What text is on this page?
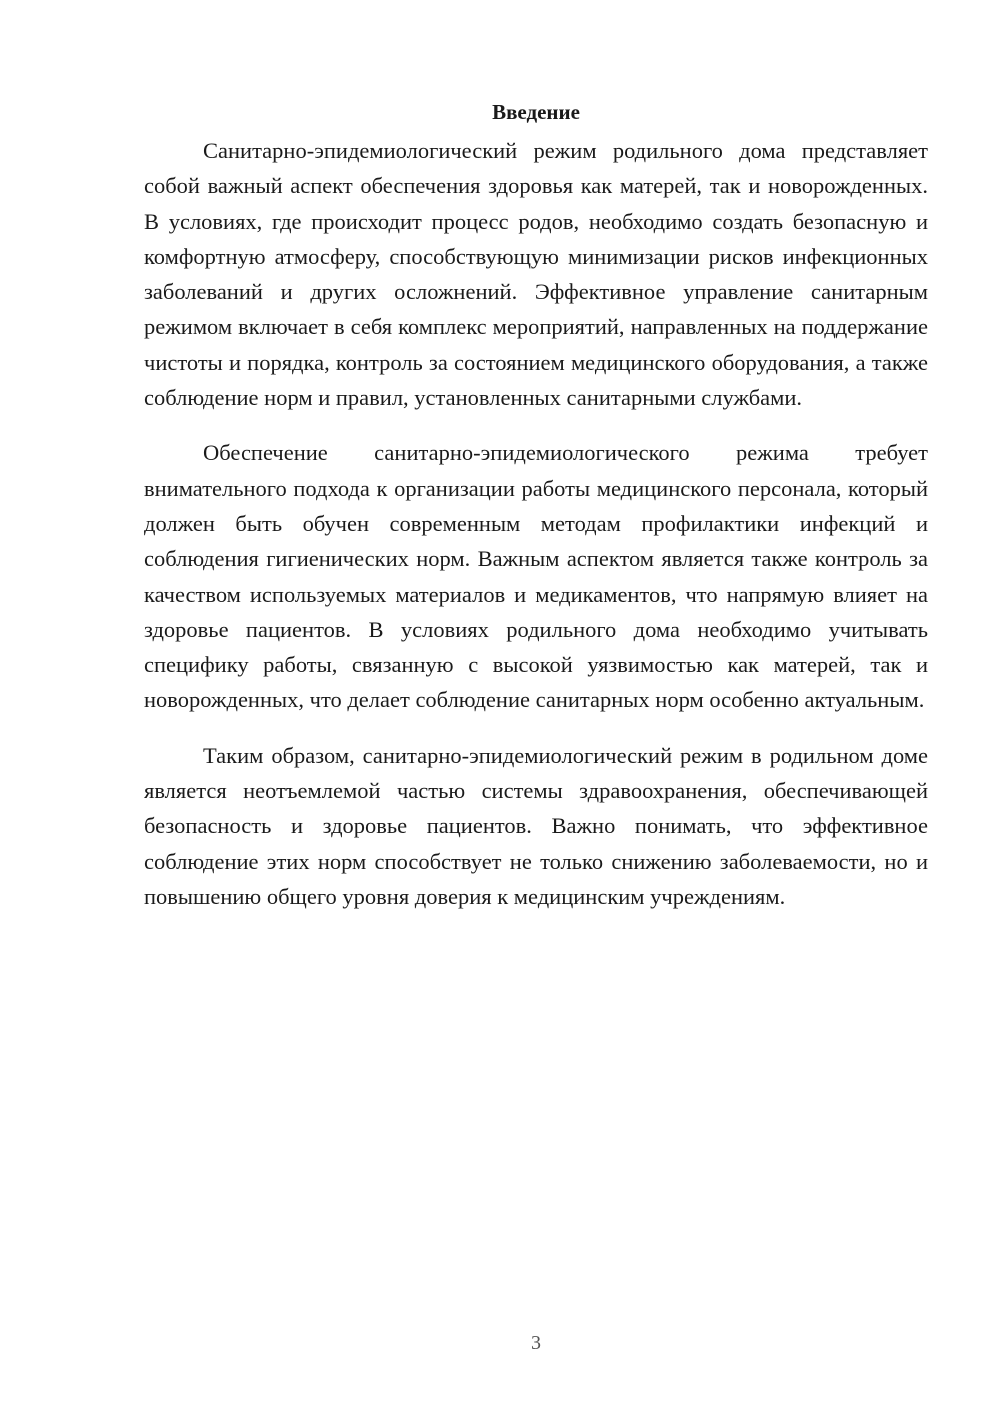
Введение

Санитарно-эпидемиологический режим родильного дома представляет собой важный аспект обеспечения здоровья как матерей, так и новорожденных. В условиях, где происходит процесс родов, необходимо создать безопасную и комфортную атмосферу, способствующую минимизации рисков инфекционных заболеваний и других осложнений. Эффективное управление санитарным режимом включает в себя комплекс мероприятий, направленных на поддержание чистоты и порядка, контроль за состоянием медицинского оборудования, а также соблюдение норм и правил, установленных санитарными службами.

Обеспечение санитарно-эпидемиологического режима требует внимательного подхода к организации работы медицинского персонала, который должен быть обучен современным методам профилактики инфекций и соблюдения гигиенических норм. Важным аспектом является также контроль за качеством используемых материалов и медикаментов, что напрямую влияет на здоровье пациентов. В условиях родильного дома необходимо учитывать специфику работы, связанную с высокой уязвимостью как матерей, так и новорожденных, что делает соблюдение санитарных норм особенно актуальным.

Таким образом, санитарно-эпидемиологический режим в родильном доме является неотъемлемой частью системы здравоохранения, обеспечивающей безопасность и здоровье пациентов. Важно понимать, что эффективное соблюдение этих норм способствует не только снижению заболеваемости, но и повышению общего уровня доверия к медицинским учреждениям.

3
